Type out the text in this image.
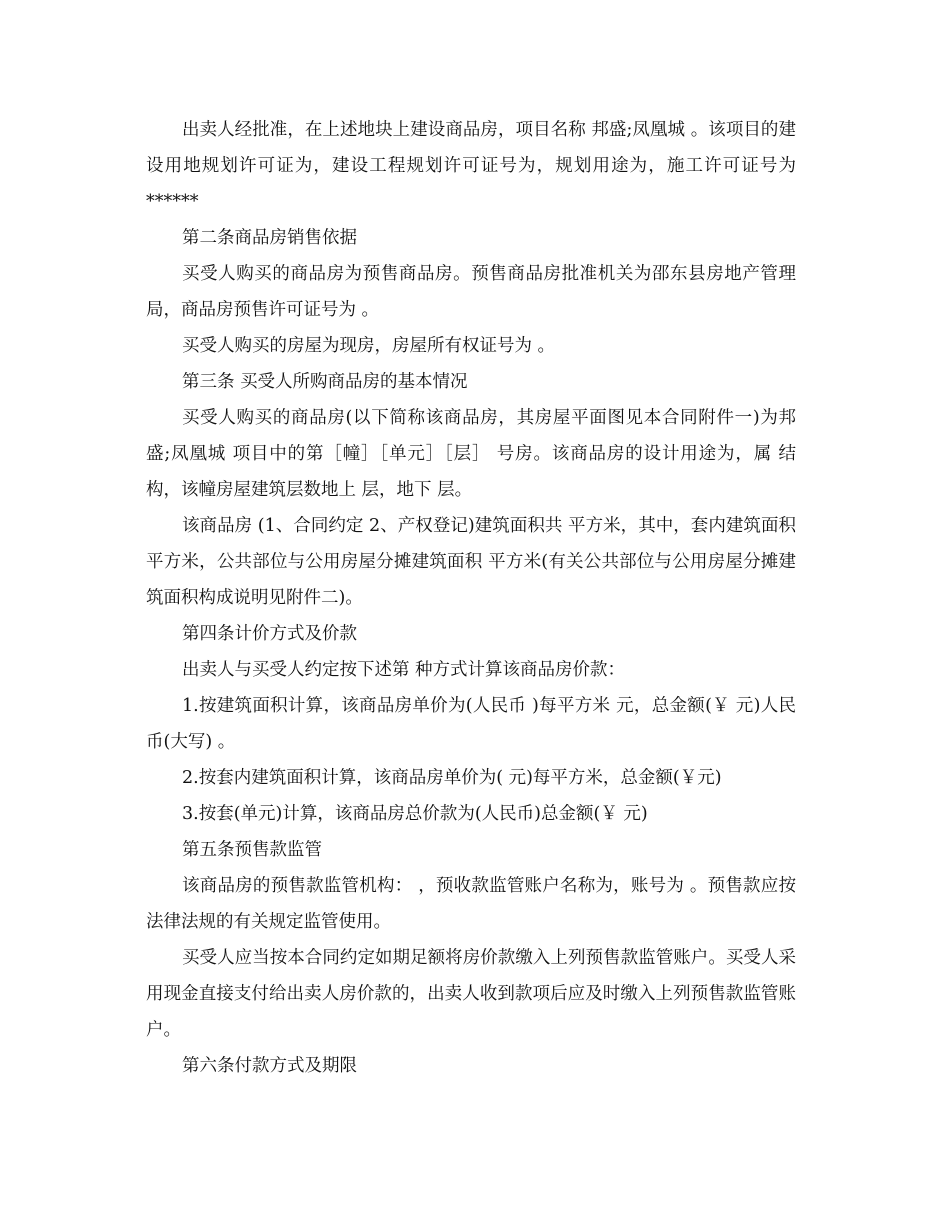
出卖人经批准，在上述地块上建设商品房，项目名称 邦盛;凤凰城 。该项目的建设用地规划许可证为，建设工程规划许可证号为，规划用途为，施工许可证号为******

第二条商品房销售依据

买受人购买的商品房为预售商品房。预售商品房批准机关为邵东县房地产管理局，商品房预售许可证号为 。

买受人购买的房屋为现房，房屋所有权证号为 。

第三条 买受人所购商品房的基本情况

买受人购买的商品房(以下简称该商品房，其房屋平面图见本合同附件一)为邦盛;凤凰城 项目中的第［幢］［单元］［层］ 号房。该商品房的设计用途为，属 结构，该幢房屋建筑层数地上 层，地下 层。

该商品房 (1、合同约定 2、产权登记)建筑面积共 平方米，其中，套内建筑面积 平方米，公共部位与公用房屋分摊建筑面积 平方米(有关公共部位与公用房屋分摊建筑面积构成说明见附件二)。

第四条计价方式及价款

出卖人与买受人约定按下述第 种方式计算该商品房价款：

1.按建筑面积计算，该商品房单价为(人民币 )每平方米 元，总金额(￥ 元)人民币(大写) 。

2.按套内建筑面积计算，该商品房单价为( 元)每平方米，总金额(￥元)

3.按套(单元)计算，该商品房总价款为(人民币)总金额(￥ 元)

第五条预售款监管

该商品房的预售款监管机构： ，预收款监管账户名称为，账号为 。预售款应按法律法规的有关规定监管使用。

买受人应当按本合同约定如期足额将房价款缴入上列预售款监管账户。买受人采用现金直接支付给出卖人房价款的，出卖人收到款项后应及时缴入上列预售款监管账户。

第六条付款方式及期限
